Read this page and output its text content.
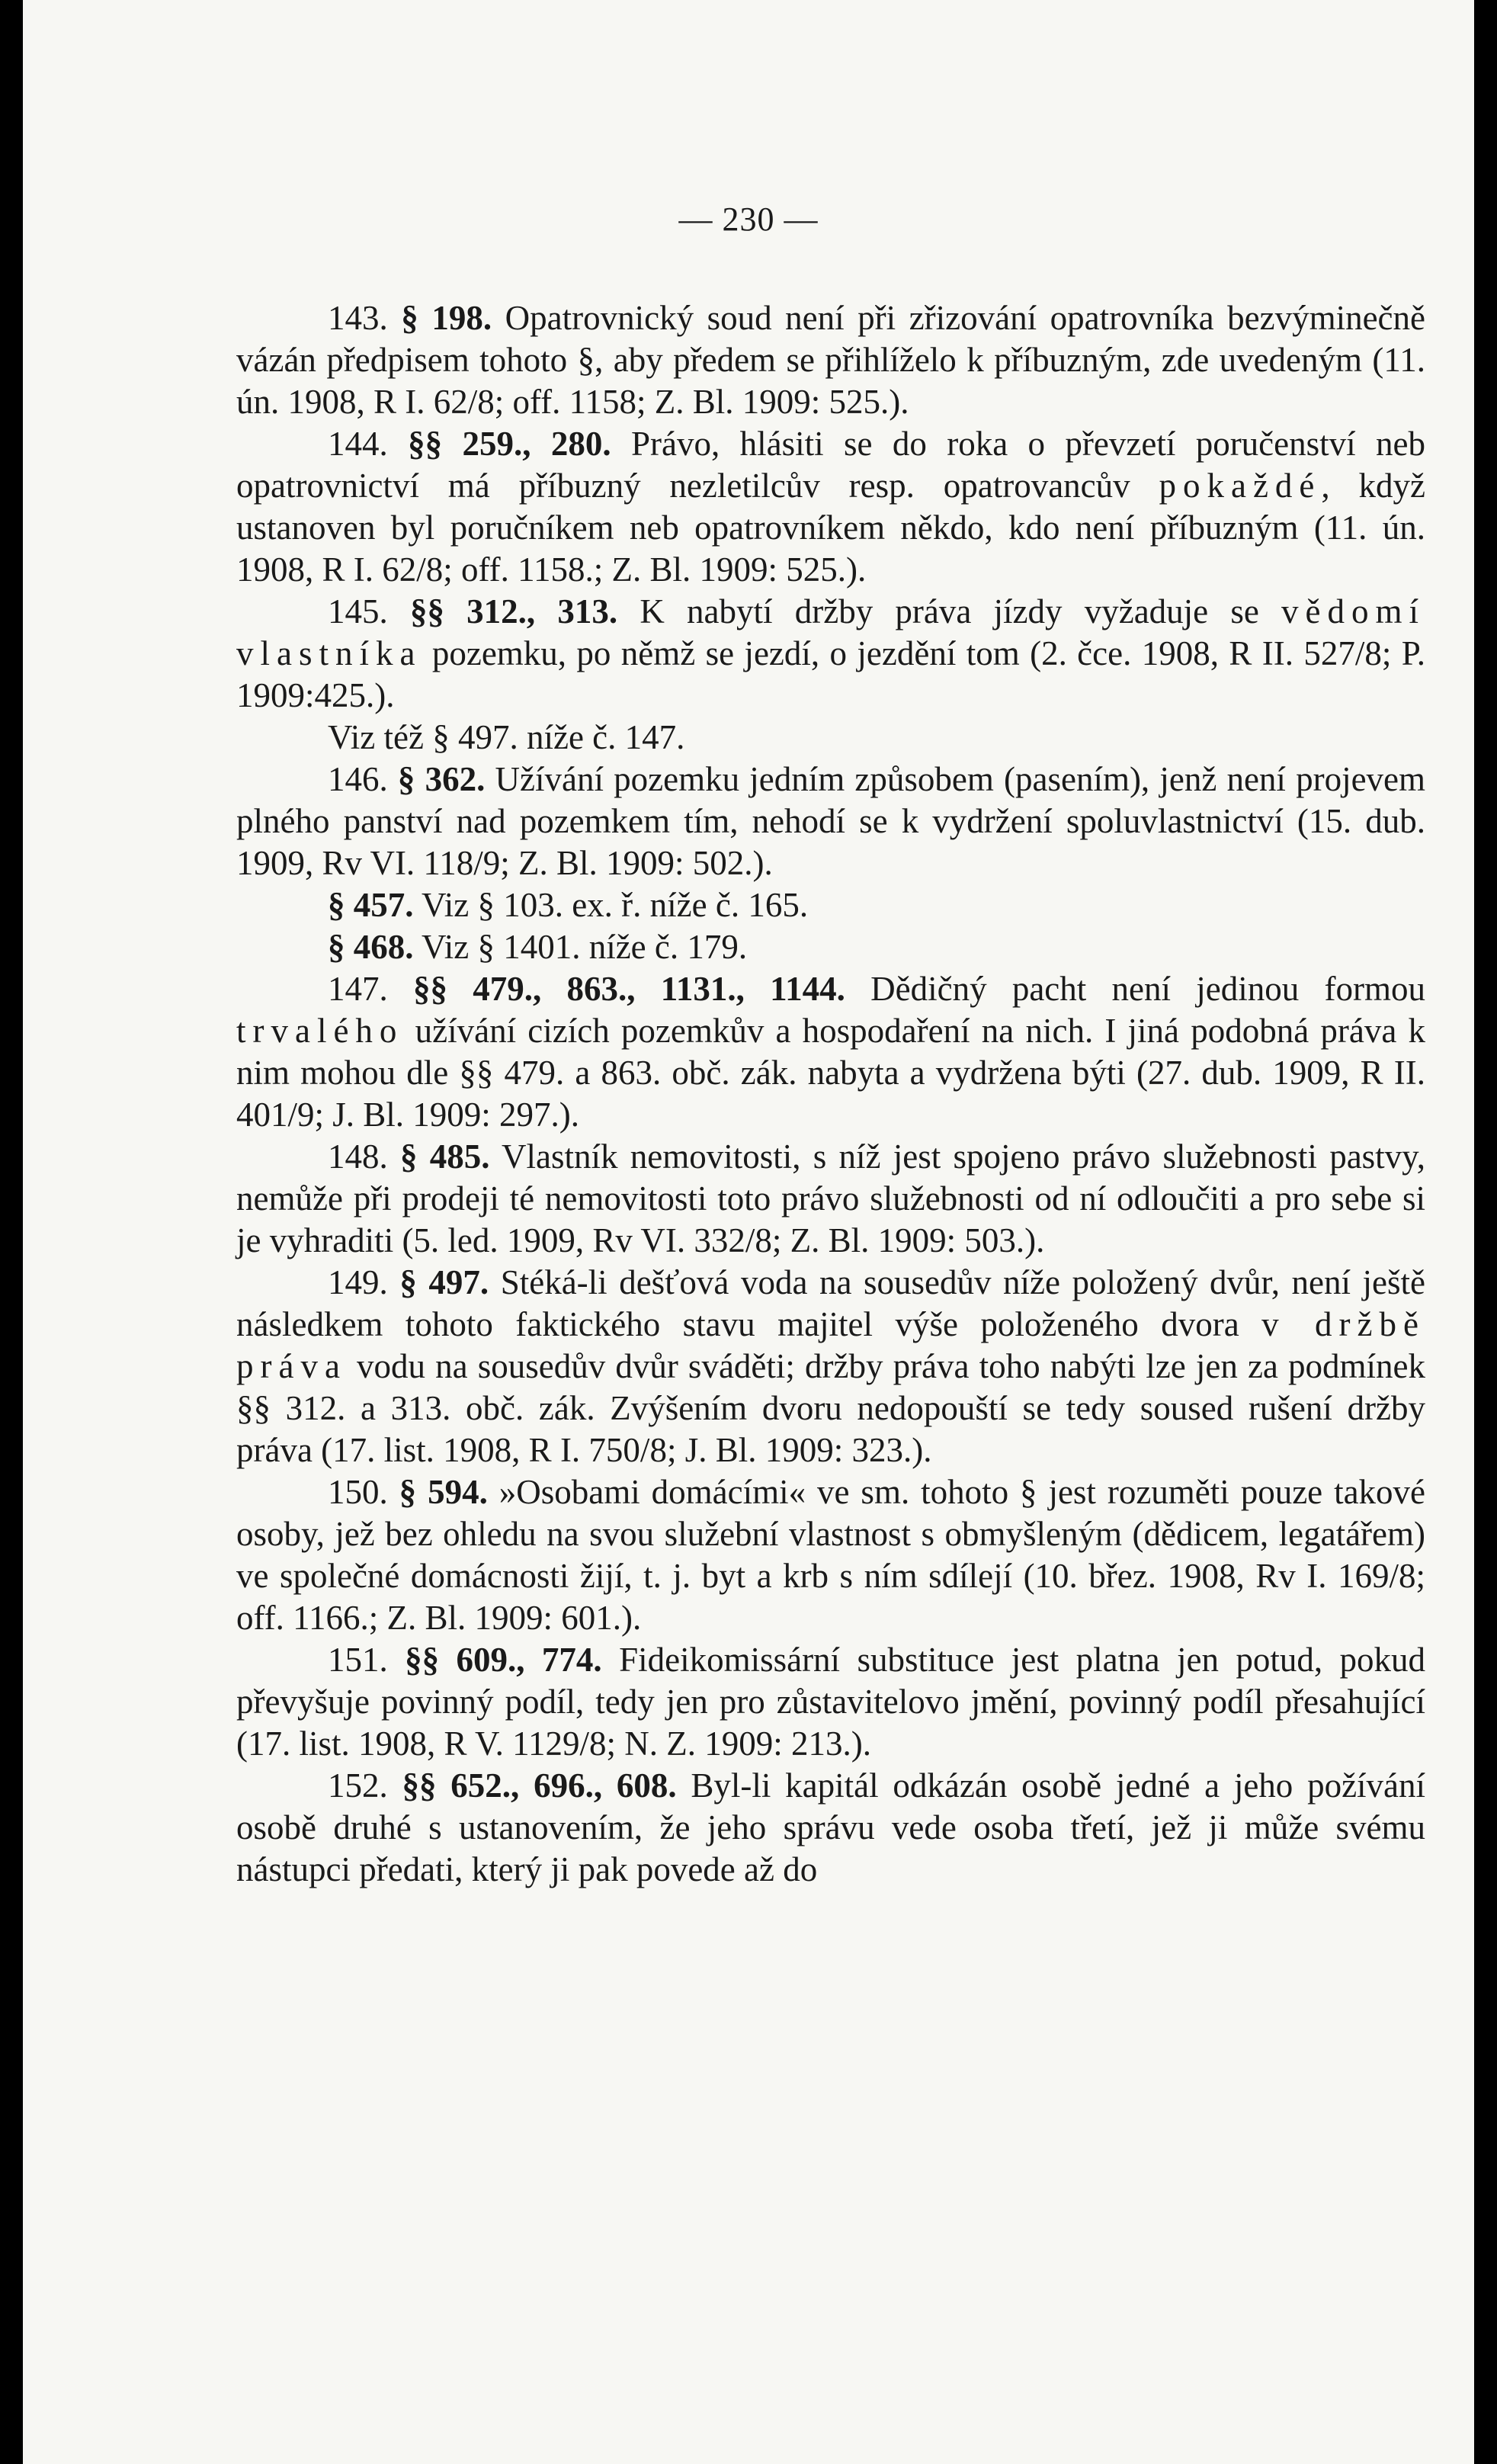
— 230 —

143. § 198. Opatrovnický soud není při zřizování opatrovníka bezvýminečně vázán předpisem tohoto §, aby předem se přihlíželo k příbuzným, zde uvedeným (11. ún. 1908, R I. 62/8; off. 1158; Z. Bl. 1909: 525.).

144. §§ 259., 280. Právo, hlásiti se do roka o převzetí poručenství neb opatrovnictví má příbuzný nezletilcův resp. opatrovancův pokaždé, když ustanoven byl poručníkem neb opatrovníkem někdo, kdo není příbuzným (11. ún. 1908, R I. 62/8; off. 1158.; Z. Bl. 1909: 525.).

145. §§ 312., 313. K nabytí držby práva jízdy vyžaduje se vědomí vlastníka pozemku, po němž se jezdí, o jezdění tom (2. čce. 1908, R II. 527/8; P. 1909:425.).

Viz též § 497. níže č. 147.

146. § 362. Užívání pozemku jedním způsobem (pasením), jenž není projevem plného panství nad pozemkem tím, nehodí se k vydržení spoluvlastnictví (15. dub. 1909, Rv VI. 118/9; Z. Bl. 1909: 502.).

§ 457. Viz § 103. ex. ř. níže č. 165.

§ 468. Viz § 1401. níže č. 179.

147. §§ 479., 863., 1131., 1144. Dědičný pacht není jedinou formou trvalého užívání cizích pozemkův a hospodaření na nich. I jiná podobná práva k nim mohou dle §§ 479. a 863. obč. zák. nabyta a vydržena býti (27. dub. 1909, R II. 401/9; J. Bl. 1909: 297.).

148. § 485. Vlastník nemovitosti, s níž jest spojeno právo služebnosti pastvy, nemůže při prodeji té nemovitosti toto právo služebnosti od ní odloučiti a pro sebe si je vyhraditi (5. led. 1909, Rv VI. 332/8; Z. Bl. 1909: 503.).

149. § 497. Stéká-li dešťová voda na sousedův níže položený dvůr, není ještě následkem tohoto faktického stavu majitel výše položeného dvora v držbě práva vodu na sousedův dvůr sváděti; držby práva toho nabýti lze jen za podmínek §§ 312. a 313. obč. zák. Zvýšením dvoru nedopouští se tedy soused rušení držby práva (17. list. 1908, R I. 750/8; J. Bl. 1909: 323.).

150. § 594. »Osobami domácími« ve sm. tohoto § jest rozuměti pouze takové osoby, jež bez ohledu na svou služební vlastnost s obmyšleným (dědicem, legatářem) ve společné domácnosti žijí, t. j. byt a krb s ním sdílejí (10. břez. 1908, Rv I. 169/8; off. 1166.; Z. Bl. 1909: 601.).

151. §§ 609., 774. Fideikomissární substituce jest platna jen potud, pokud převyšuje povinný podíl, tedy jen pro zůstavitelovo jmění, povinný podíl přesahující (17. list. 1908, R V. 1129/8; N. Z. 1909: 213.).

152. §§ 652., 696., 608. Byl-li kapitál odkázán osobě jedné a jeho požívání osobě druhé s ustanovením, že jeho správu vede osoba třetí, jež ji může svému nástupci předati, který ji pak povede až do
